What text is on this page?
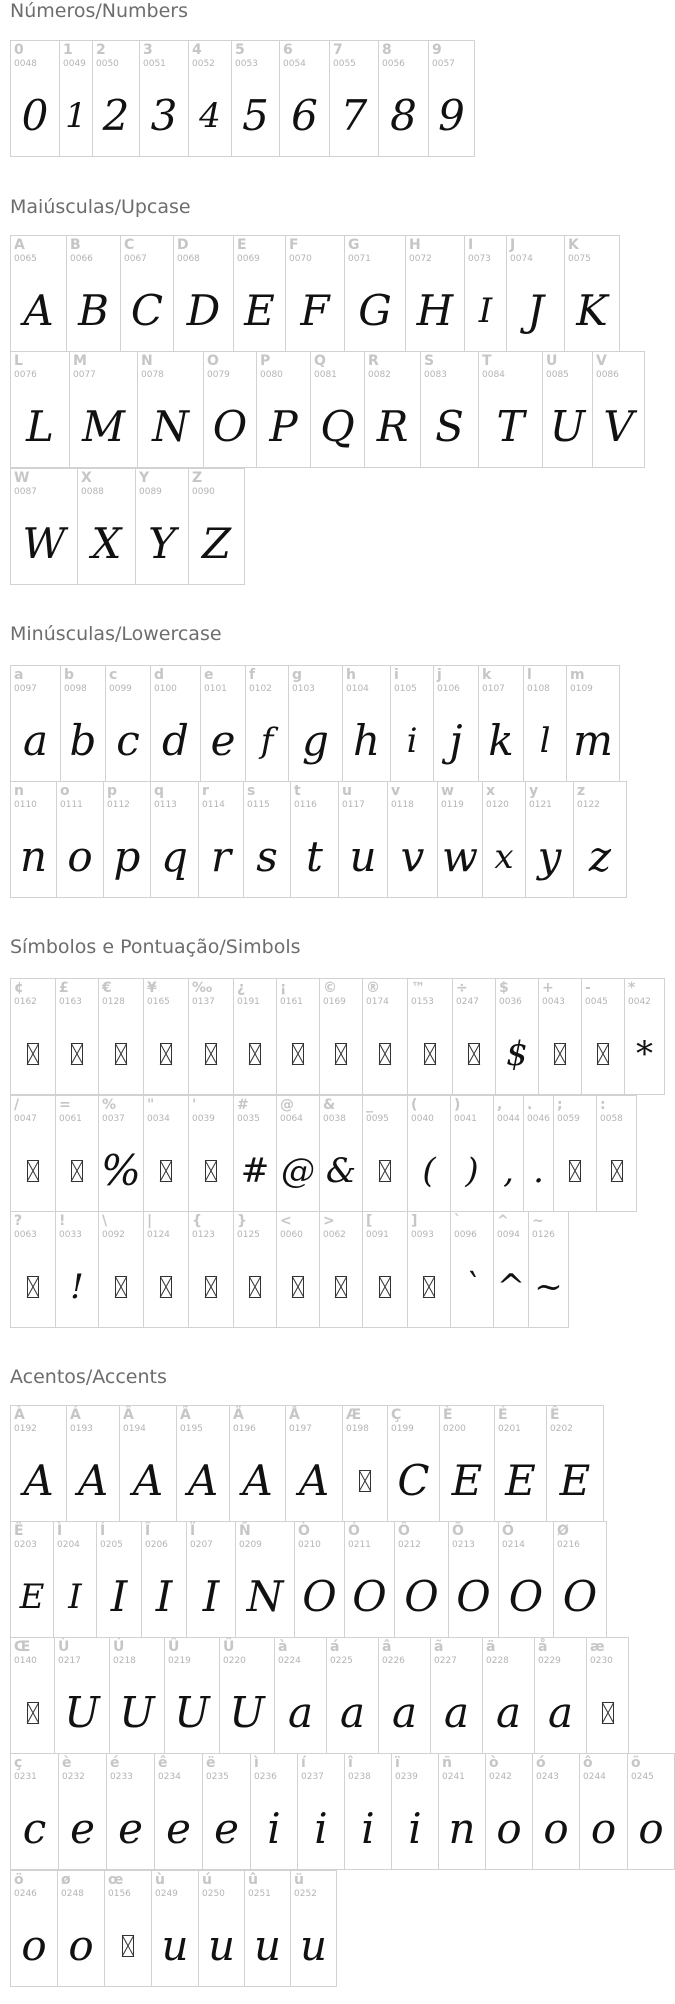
Números/Numbers
0
0048
0
1
0049
1
2
0050
2
3
0051
3
4
0052
4
5
0053
5
6
0054
6
7
0055
7
8
0056
8
9
0057
9
Maiúsculas/Upcase
A
0065
A
B
0066
B
C
0067
C
D
0068
D
E
0069
E
F
0070
F
G
0071
G
H
0072
H
I
0073
I
J
0074
J
K
0075
K
L
0076
L
M
0077
M
N
0078
N
O
0079
O
P
0080
P
Q
0081
Q
R
0082
R
S
0083
S
T
0084
T
U
0085
U
V
0086
V
W
0087
W
X
0088
X
Y
0089
Y
Z
0090
Z
Minúsculas/Lowercase
a
0097
a
b
0098
b
c
0099
c
d
0100
d
e
0101
e
f
0102
f
g
0103
g
h
0104
h
i
0105
i
j
0106
j
k
0107
k
l
0108
l
m
0109
m
n
0110
n
o
0111
o
p
0112
p
q
0113
q
r
0114
r
s
0115
s
t
0116
t
u
0117
u
v
0118
v
w
0119
w
x
0120
x
y
0121
y
z
0122
z
Símbolos e Pontuação/Simbols
¢
0162
£
0163
€
0128
¥
0165
‰
0137
¿
0191
¡
0161
©
0169
®
0174
™
0153
÷
0247
$
0036
$
+
0043
-
0045
*
0042
*
/
0047
=
0061
%
0037
%
"
0034
'
0039
#
0035
#
@
0064
@
&
0038
&
_
0095
(
0040
(
)
0041
)
,
0044
,
.
0046
.
;
0059
:
0058
?
0063
!
0033
!
\
0092
|
0124
{
0123
}
0125
<
0060
>
0062
[
0091
]
0093
`
0096
`
^
0094
^
~
0126
~
Acentos/Accents
À
0192
A
Á
0193
A
Â
0194
A
Ã
0195
A
Ä
0196
A
Å
0197
A
Æ
0198
Ç
0199
C
È
0200
E
É
0201
E
Ê
0202
E
Ë
0203
E
Ì
0204
I
Í
0205
I
Î
0206
I
Ï
0207
I
Ñ
0209
N
Ò
0210
O
Ó
0211
O
Ô
0212
O
Õ
0213
O
Ö
0214
O
Ø
0216
O
Œ
0140
Ù
0217
U
Ú
0218
U
Û
0219
U
Ü
0220
U
à
0224
a
á
0225
a
â
0226
a
ã
0227
a
ä
0228
a
å
0229
a
æ
0230
ç
0231
c
è
0232
e
é
0233
e
ê
0234
e
ë
0235
e
ì
0236
i
í
0237
i
î
0238
i
ï
0239
i
ñ
0241
n
ò
0242
o
ó
0243
o
ô
0244
o
õ
0245
o
ö
0246
o
ø
0248
o
œ
0156
ù
0249
u
ú
0250
u
û
0251
u
ü
0252
u
